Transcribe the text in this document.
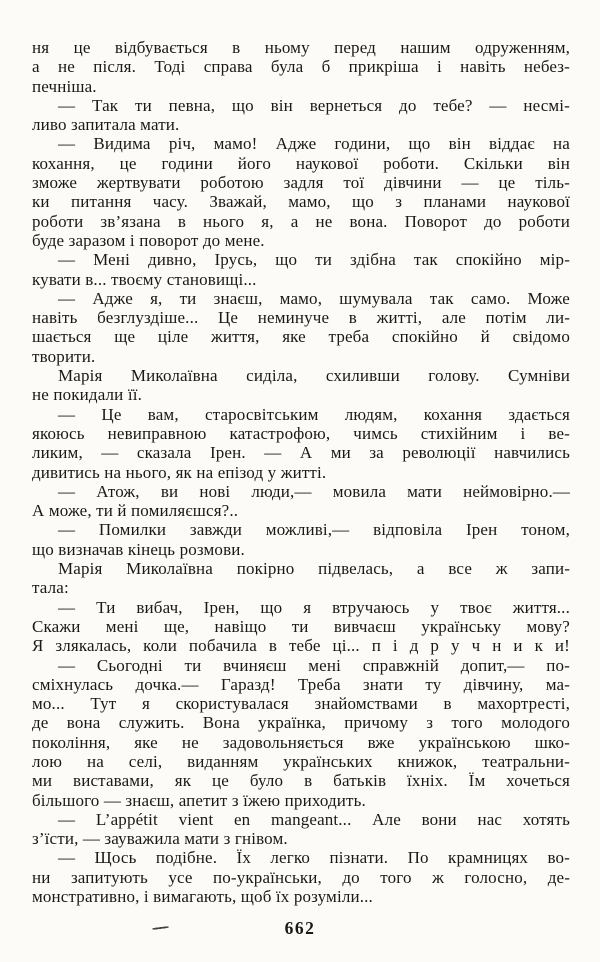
ня це відбувається в ньому перед нашим одруженням,
а не після. Тоді справа була б прикріша і навіть небез-
печніша.
— Так ти певна, що він вернеться до тебе? — несмі-
ливо запитала мати.
— Видима річ, мамо! Адже години, що він віддає на
кохання, це години його наукової роботи. Скільки він
зможе жертвувати роботою задля тої дівчини — це тіль-
ки питання часу. Зважай, мамо, що з планами наукової
роботи зв’язана в нього я, а не вона. Поворот до роботи
буде заразом і поворот до мене.
— Мені дивно, Ірусь, що ти здібна так спокійно мір-
кувати в... твоєму становищі...
— Адже я, ти знаєш, мамо, шумувала так само. Може
навіть безглуздіше... Це неминуче в житті, але потім ли-
шається ще ціле життя, яке треба спокійно й свідомо
творити.
Марія Миколаївна сиділа, схиливши голову. Сумніви
не покидали її.
— Це вам, старосвітським людям, кохання здається
якоюсь невиправною катастрофою, чимсь стихійним і ве-
ликим, — сказала Ірен. — А ми за революції навчились
дивитись на нього, як на епізод у житті.
— Атож, ви нові люди,— мовила мати неймовірно.—
А може, ти й помиляєшся?..
— Помилки завжди можливі,— відповіла Ірен тоном,
що визначав кінець розмови.
Марія Миколаївна покірно підвелась, а все ж запи-
тала:
— Ти вибач, Ірен, що я втручаюсь у твоє життя...
Скажи мені ще, навіщо ти вивчаєш українську мову?
Я злякалась, коли побачила в тебе ці... п і д р у ч н и к и!
— Сьогодні ти вчиняєш мені справжній допит,— по-
сміхнулась дочка.— Гаразд! Треба знати ту дівчину, ма-
мо... Тут я скористувалася знайомствами в махортресті,
де вона служить. Вона українка, причому з того молодого
покоління, яке не задовольняється вже українською шко-
лою на селі, виданням українських книжок, театральни-
ми виставами, як це було в батьків їхніх. Їм хочеться
більшого — знаєш, апетит з їжею приходить.
— L’appétit vient en mangeant... Але вони нас хотять
з’їсти, — зауважила мати з гнівом.
— Щось подібне. Їх легко пізнати. По крамницях во-
ни запитують усе по-українськи, до того ж голосно, де-
монстративно, і вимагають, щоб їх розуміли...
662
